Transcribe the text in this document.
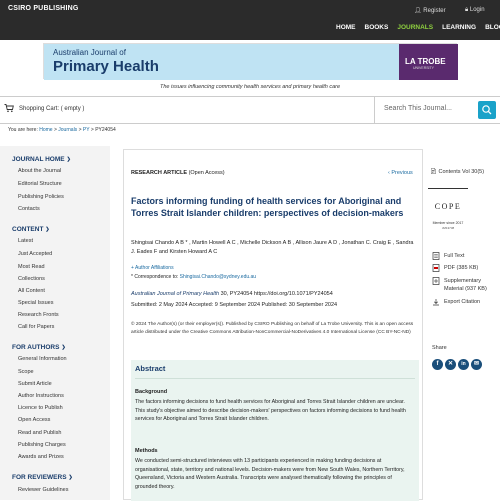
CSIRO PUBLISHING	👤︎ Register	🔒︎ Login
HOME BOOKS JOURNALS LEARNING BLOG
Australian Journal of
Primary Health	LA TROBE
UNIVERSITY
The issues influencing community health services and primary health care
Shopping Cart: ( empty )	Search This Journal...
You are here: Home > Journals > PY > PY24054
JOURNAL HOME ❯
About the Journal
Editorial Structure
Publishing Policies
Contacts
CONTENT ❯
Latest
Just Accepted
Most Read
Collections
All Content
Special Issues
Research Fronts
Call for Papers
FOR AUTHORS ❯
General Information
Scope
Submit Article
Author Instructions
Licence to Publish
Open Access
Read and Publish
Publishing Charges
Awards and Prizes
FOR REVIEWERS ❯
Reviewer Guidelines
RESEARCH ARTICLE (Open Access)	‹ Previous
Factors informing funding of health services for Aboriginal and Torres Strait Islander children: perspectives of decision-makers
Shingisai Chando A B * , Martin Howell A C , Michelle Dickson A B , Allison Jaure A D , Jonathan C. Craig E , Sandra J. Eades F and Kirsten Howard A C
+ Author Affiliations
* Correspondence to: Shingisai.Chando@sydney.edu.au
Australian Journal of Primary Health 30, PY24054 https://doi.org/10.1071/PY24054
Submitted: 2 May 2024 Accepted: 9 September 2024 Published: 30 September 2024
© 2024 The Author(s) (or their employer(s)). Published by CSIRO Publishing on behalf of La Trobe University. This is an open access article distributed under the Creative Commons Attribution-NonCommercial-NoDerivatives 4.0 International License (CC BY-NC-ND)
Abstract
Background
The factors informing decisions to fund health services for Aboriginal and Torres Strait Islander children are unclear. This study's objective aimed to describe decision-makers' perspectives on factors informing decisions to fund health services for Aboriginal and Torres Strait Islander children.
Methods
We conducted semi-structured interviews with 13 participants experienced in making funding decisions at organisational, state, territory and national levels. Decision-makers were from New South Wales, Northern Territory, Queensland, Victoria and Western Australia. Transcripts were analysed thematically following the principles of grounded theory.
📄︎ Contents Vol 30(5)
COPE
Member since 2017
JM13738
Full Text
PDF (385 KB)
Supplementary Material (937 KB)
Export Citation
Share
f	✕	in	✉︎
